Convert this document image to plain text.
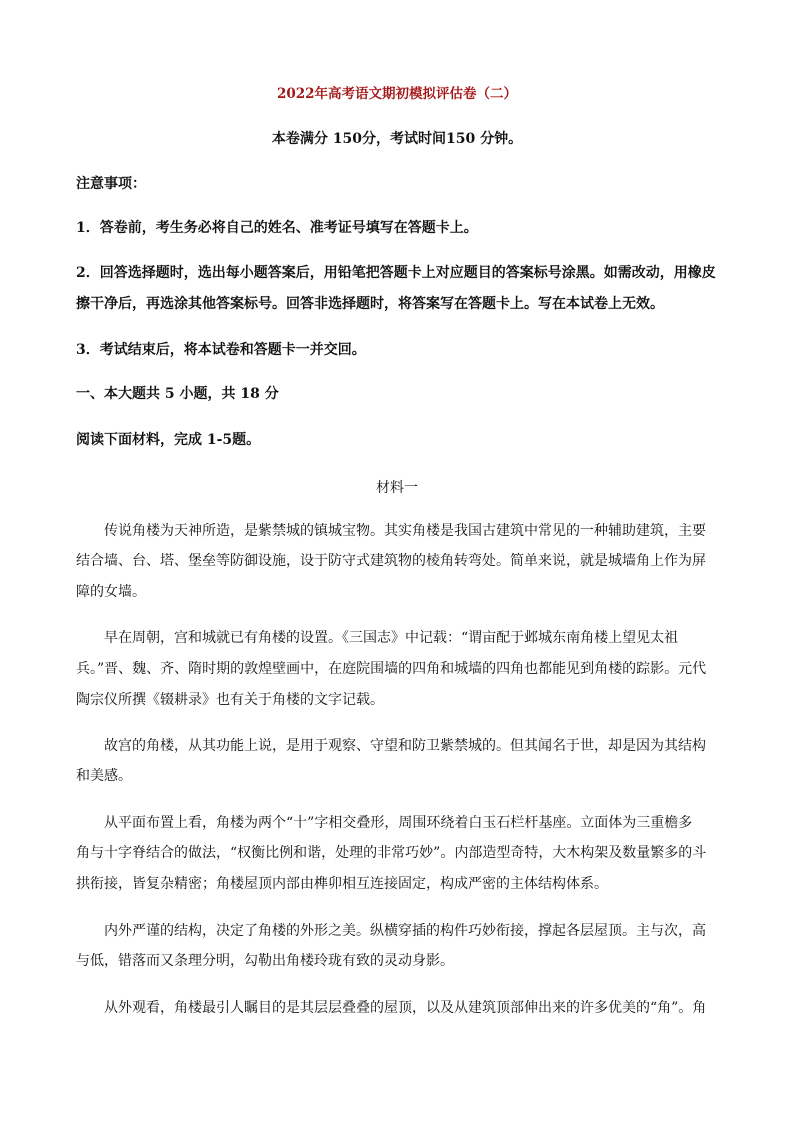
2022年高考语文期初模拟评估卷（二）
本卷满分 150分，考试时间150 分钟。
注意事项：
1．答卷前，考生务必将自己的姓名、准考证号填写在答题卡上。
2．回答选择题时，选出每小题答案后，用铅笔把答题卡上对应题目的答案标号涂黑。如需改动，用橡皮
擦干净后，再选涂其他答案标号。回答非选择题时，将答案写在答题卡上。写在本试卷上无效。
3．考试结束后，将本试卷和答题卡一并交回。
一、本大题共 5 小题，共 18 分
阅读下面材料，完成 1-5题。
材料一
传说角楼为天神所造，是紫禁城的镇城宝物。其实角楼是我国古建筑中常见的一种辅助建筑，主要
结合墙、台、塔、堡垒等防御设施，设于防守式建筑物的棱角转弯处。简单来说，就是城墙角上作为屏
障的女墙。
早在周朝，宫和城就已有角楼的设置。《三国志》中记载：“谓亩配于邺城东南角楼上望见太祖
兵。”晋、魏、齐、隋时期的敦煌壁画中，在庭院围墙的四角和城墙的四角也都能见到角楼的踪影。元代
陶宗仪所撰《辍耕录》也有关于角楼的文字记载。
故宫的角楼，从其功能上说，是用于观察、守望和防卫紫禁城的。但其闻名于世，却是因为其结构
和美感。
从平面布置上看，角楼为两个“十”字相交叠形，周围环绕着白玉石栏杆基座。立面体为三重檐多
角与十字脊结合的做法，“权衡比例和谐，处理的非常巧妙”。内部造型奇特，大木构架及数量繁多的斗
拱衔接，皆复杂精密；角楼屋顶内部由榫卯相互连接固定，构成严密的主体结构体系。
内外严谨的结构，决定了角楼的外形之美。纵横穿插的构件巧妙衔接，撑起各层屋顶。主与次，高
与低，错落而又条理分明，勾勒出角楼玲珑有致的灵动身影。
从外观看，角楼最引人瞩目的是其层层叠叠的屋顶，以及从建筑顶部伸出来的许多优美的“角”。角
